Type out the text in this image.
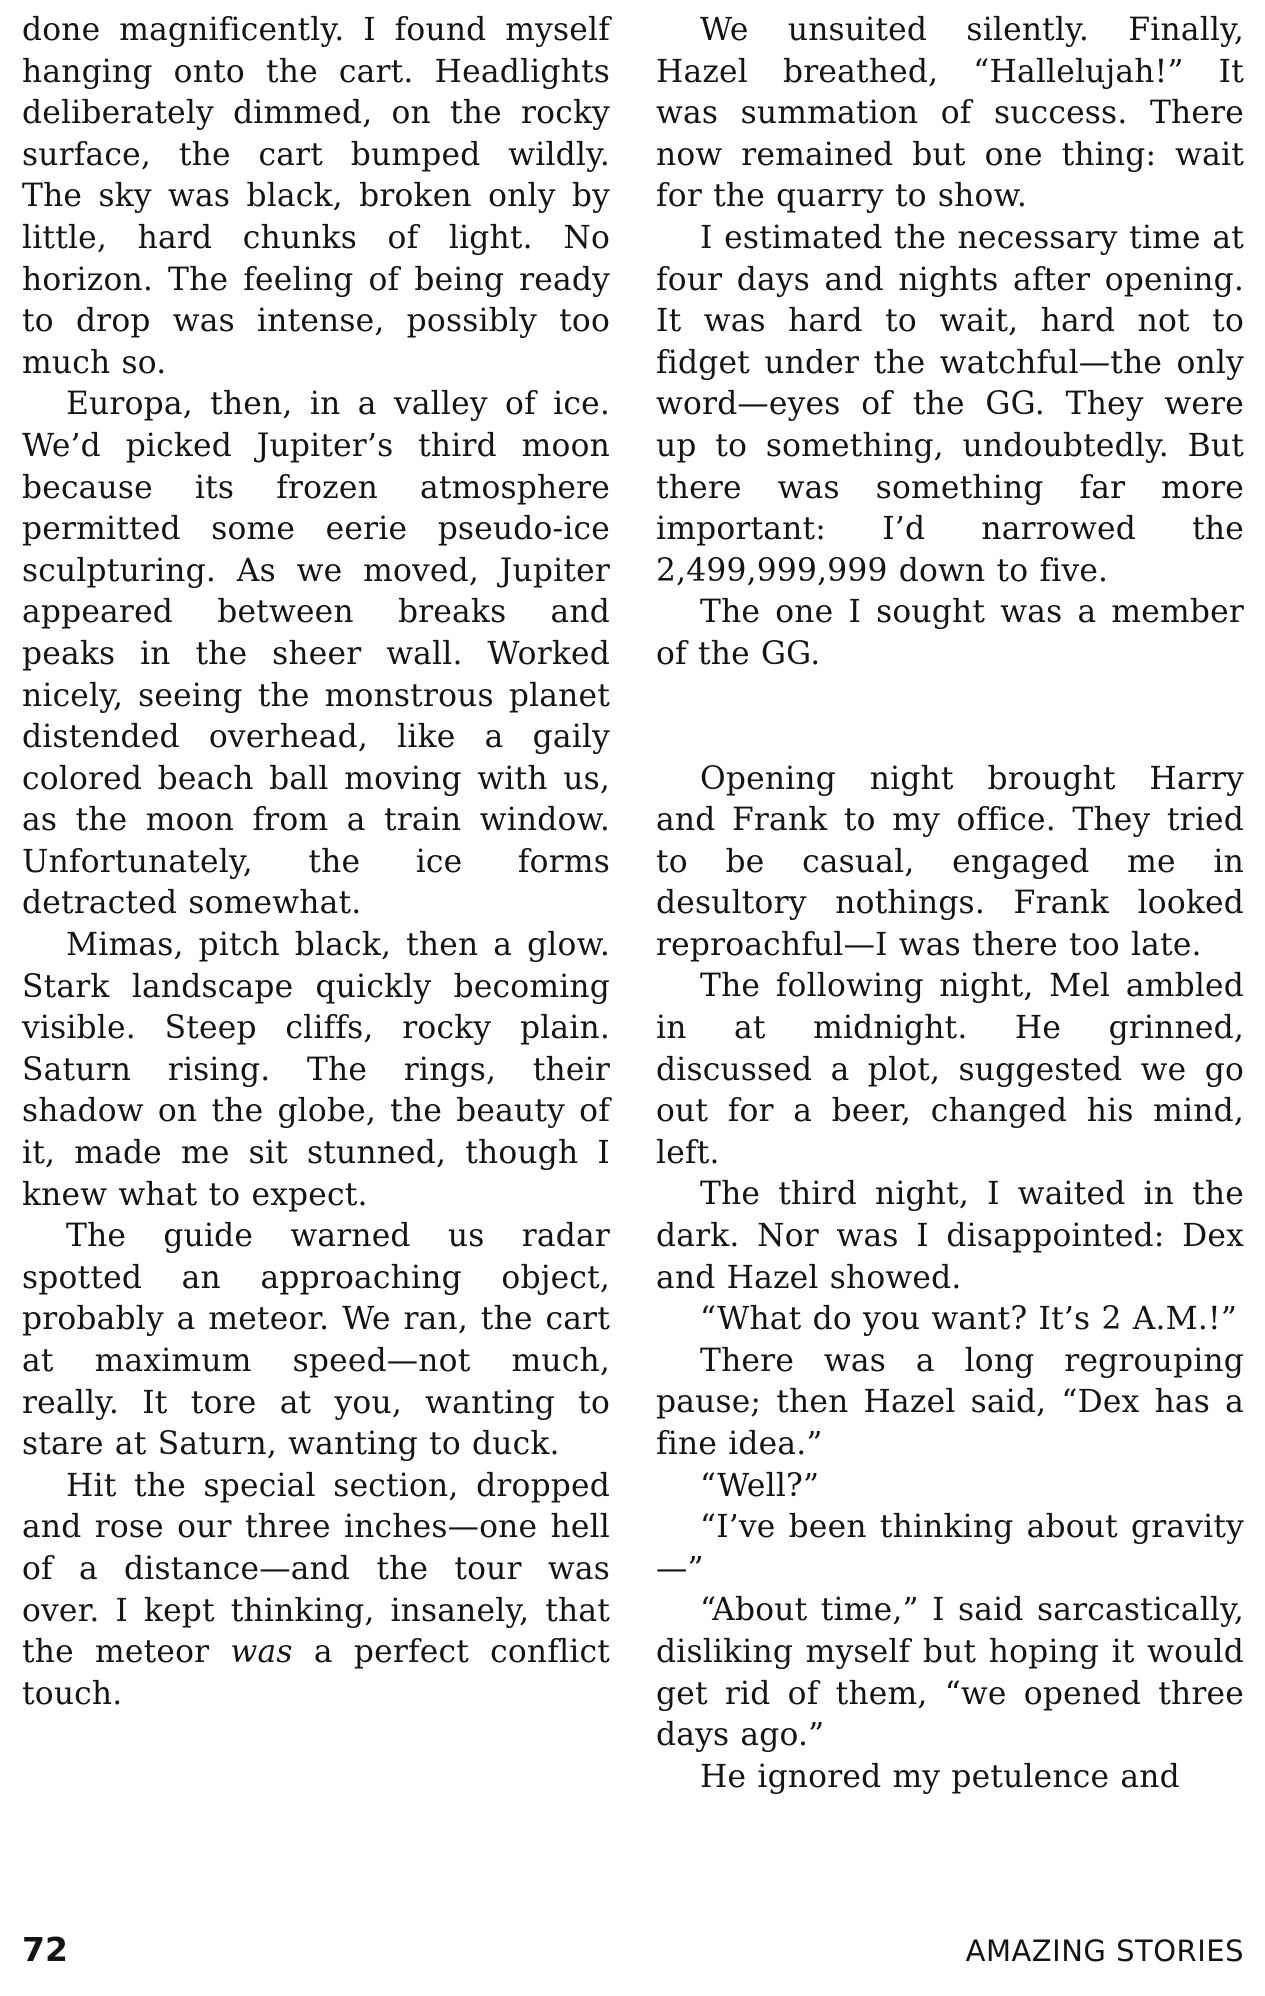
done magnificently. I found myself hanging onto the cart. Headlights deliberately dimmed, on the rocky surface, the cart bumped wildly. The sky was black, broken only by little, hard chunks of light. No horizon. The feeling of being ready to drop was intense, possibly too much so.

Europa, then, in a valley of ice. We’d picked Jupiter’s third moon because its frozen atmosphere permitted some eerie pseudo-ice sculpturing. As we moved, Jupiter appeared between breaks and peaks in the sheer wall. Worked nicely, seeing the monstrous planet distended overhead, like a gaily colored beach ball moving with us, as the moon from a train window. Unfortunately, the ice forms detracted somewhat.

Mimas, pitch black, then a glow. Stark landscape quickly becoming visible. Steep cliffs, rocky plain. Saturn rising. The rings, their shadow on the globe, the beauty of it, made me sit stunned, though I knew what to expect.

The guide warned us radar spotted an approaching object, probably a meteor. We ran, the cart at maximum speed—not much, really. It tore at you, wanting to stare at Saturn, wanting to duck.

Hit the special section, dropped and rose our three inches—one hell of a distance—and the tour was over. I kept thinking, insanely, that the meteor was a perfect conflict touch.

We unsuited silently. Finally, Hazel breathed, “Hallelujah!” It was summation of success. There now remained but one thing: wait for the quarry to show.

I estimated the necessary time at four days and nights after opening. It was hard to wait, hard not to fidget under the watchful—the only word—eyes of the GG. They were up to something, undoubtedly. But there was something far more important: I’d narrowed the 2,499,999,999 down to five.

The one I sought was a member of the GG.

Opening night brought Harry and Frank to my office. They tried to be casual, engaged me in desultory nothings. Frank looked reproachful—I was there too late.

The following night, Mel ambled in at midnight. He grinned, discussed a plot, suggested we go out for a beer, changed his mind, left.

The third night, I waited in the dark. Nor was I disappointed: Dex and Hazel showed.

“What do you want? It’s 2 A.M.!”

There was a long regrouping pause; then Hazel said, “Dex has a fine idea.”

“Well?”

“I’ve been thinking about gravity—”

“About time,” I said sarcastically, disliking myself but hoping it would get rid of them, “we opened three days ago.”

He ignored my petulence and

72	AMAZING STORIES
